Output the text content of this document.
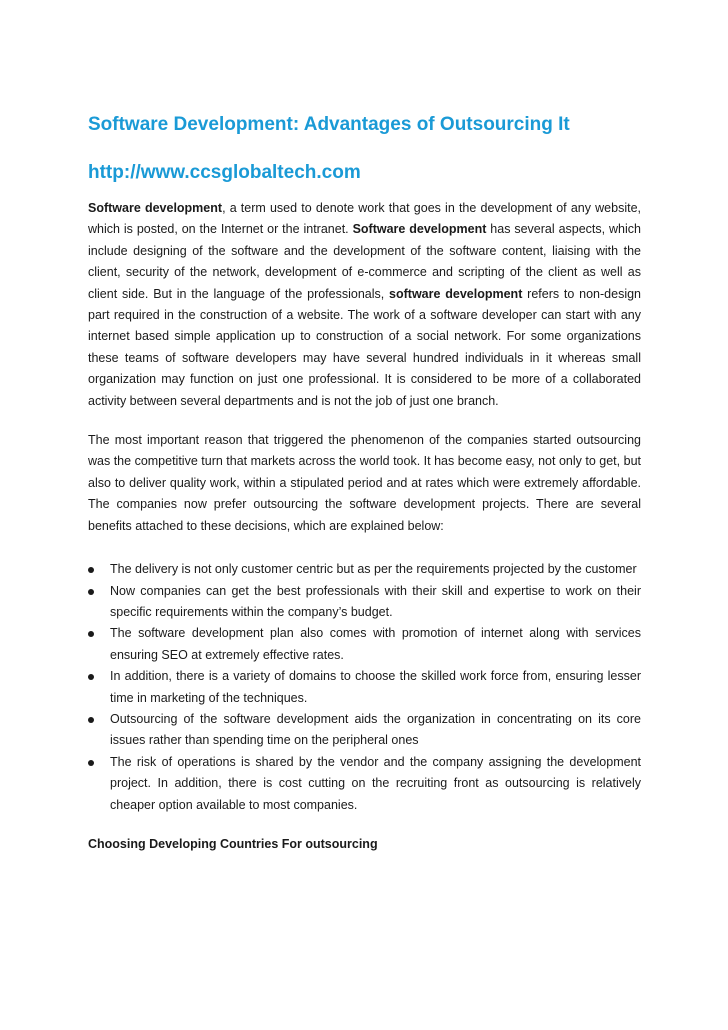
Software Development: Advantages of Outsourcing It
http://www.ccsglobaltech.com

Software development, a term used to denote work that goes in the development of any website, which is posted, on the Internet or the intranet. Software development has several aspects, which include designing of the software and the development of the software content, liaising with the client, security of the network, development of e-commerce and scripting of the client as well as client side. But in the language of the professionals, software development refers to non-design part required in the construction of a website. The work of a software developer can start with any internet based simple application up to construction of a social network. For some organizations these teams of software developers may have several hundred individuals in it whereas small organization may function on just one professional. It is considered to be more of a collaborated activity between several departments and is not the job of just one branch.

The most important reason that triggered the phenomenon of the companies started outsourcing was the competitive turn that markets across the world took. It has become easy, not only to get, but also to deliver quality work, within a stipulated period and at rates which were extremely affordable. The companies now prefer outsourcing the software development projects. There are several benefits attached to these decisions, which are explained below:

The delivery is not only customer centric but as per the requirements projected by the customer
Now companies can get the best professionals with their skill and expertise to work on their specific requirements within the company’s budget.
The software development plan also comes with promotion of internet along with services ensuring SEO at extremely effective rates.
In addition, there is a variety of domains to choose the skilled work force from, ensuring lesser time in marketing of the techniques.
Outsourcing of the software development aids the organization in concentrating on its core issues rather than spending time on the peripheral ones
The risk of operations is shared by the vendor and the company assigning the development project. In addition, there is cost cutting on the recruiting front as outsourcing is relatively cheaper option available to most companies.
Choosing Developing Countries For outsourcing
